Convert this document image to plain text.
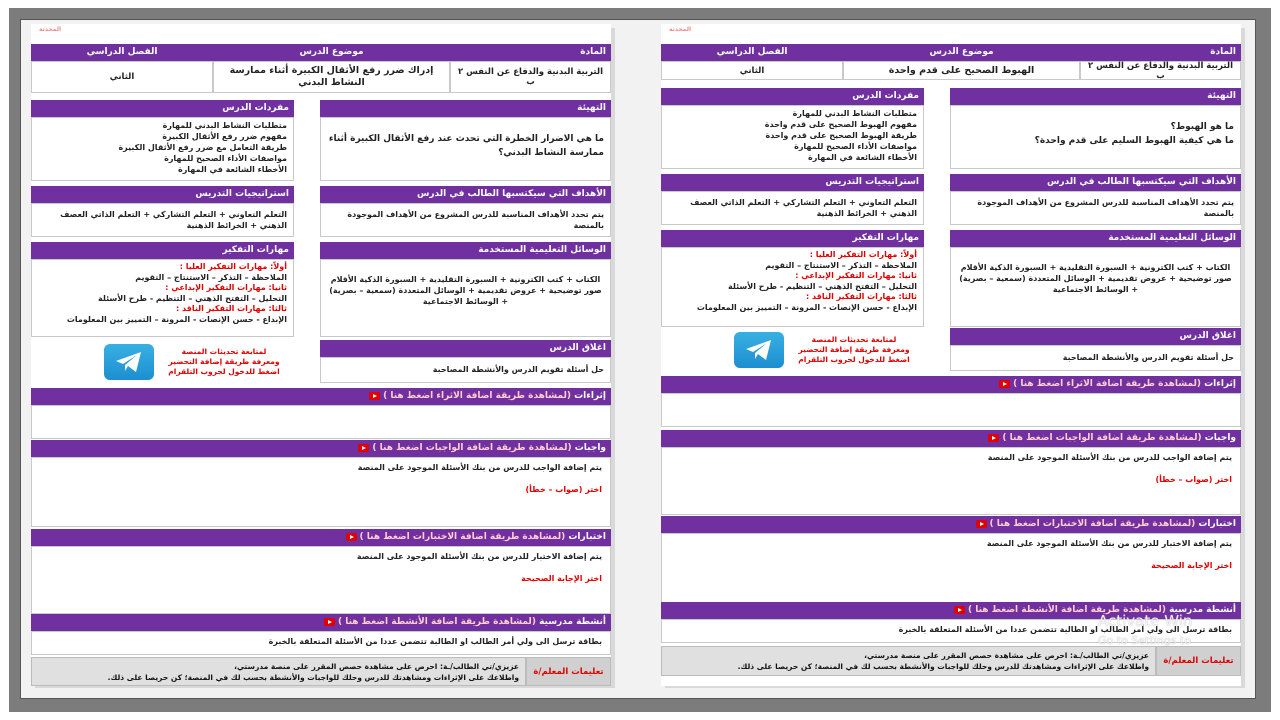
المحدثة
المادة
التربية البدنية والدفاع عن النفس ٢ ب
موضوع الدرس
الهبوط الصحيح على قدم واحدة
الفصل الدراسي
الثاني
التهيئة
ما هو الهبوط؟
ما هي كيفية الهبوط السليم على قدم واحدة؟
مفردات الدرس
متطلبات النشاط البدني للمهارة
مفهوم الهبوط الصحيح على قدم واحدة
طريقة الهبوط الصحيح على قدم واحدة
مواصفات الأداء الصحيح للمهارة
الأخطاء الشائعة في المهارة
الأهداف التي سيكتسبها الطالب في الدرس
يتم تحدد الأهداف المناسبة للدرس المشروع من الأهداف الموجودة بالمنصة
استراتيجيات التدريس
التعلم التعاوني + التعلم التشاركي + التعلم الذاتي العصف الذهني + الخرائط الذهنية
الوسائل التعليمية المستخدمة
الكتاب + كتب الكترونية + السبورة التقليدية + السبورة الذكية الأقلام صور توضيحية + عروض تقديمية + الوسائل المتعددة (سمعية – بصرية) + الوسائط الاجتماعية
مهارات التفكير
أولاً: مهارات التفكير العليا :
الملاحظة – التذكر – الاستنتاج – التقويم
ثانيا: مهارات التفكير الإبداعي :
التحليل – التفتح الذهني – التنظيم - طرح الأسئلة
ثالثا: مهارات التفكير الناقد :
الإبداع - حسن الإنصات - المرونة – التمييز بين المعلومات
اغلاق الدرس
حل أسئلة تقويم الدرس والأنشطة المصاحبة
لمتابعة تحديثات المنصة
ومعرفة طريقة إضافة التحضير
اضغط للدخول لجروب التلقرام
إثراءات (لمشاهدة طريقة اضافة الاثراء اضغط هنا )
واجبات (لمشاهدة طريقة اضافة الواجبات اضغط هنا )
يتم إضافة الواجب للدرس من بنك الأسئلة الموجود على المنصة
اختر (صواب – خطأ)
اختبارات (لمشاهدة طريقة اضافة الاختبارات اضغط هنا )
يتم إضافة الاختبار للدرس من بنك الأسئلة الموجود على المنصة
اختر الإجابة الصحيحة
أنشطة مدرسية (لمشاهدة طريقة اضافة الأنشطة اضغط هنا )
بطاقة ترسل الى ولي أمر الطالب او الطالبة تتضمن عددا من الأسئلة المتعلقة بالخبرة
تعليمات المعلم/ة
عزيزي/تي الطالب/ـة: احرص على مشاهدة حصص المقرر على منصة مدرستي،
واطلاعك على الإثراءات ومشاهدتك للدرس وحلك للواجبات والأنشطة بحسب لك في المنصة؛ كن حريصا على ذلك.
المحدثة
المادة
التربية البدنية والدفاع عن النفس ٢ ب
موضوع الدرس
إدراك ضرر رفع الأثقال الكبيرة أثناء ممارسة النشاط البدني
الفصل الدراسي
الثاني
التهيئة
ما هي الاضرار الخطرة التي تحدث عند رفع الأثقال الكبيرة أثناء ممارسة النشاط البدني؟
مفردات الدرس
متطلبات النشاط البدني للمهارة
مفهوم ضرر رفع الأثقال الكبيرة
طريقة التعامل مع ضرر رفع الأثقال الكبيرة
مواصفات الأداء الصحيح للمهارة
الأخطاء الشائعة في المهارة
الأهداف التي سيكتسبها الطالب في الدرس
يتم تحدد الأهداف المناسبة للدرس المشروع من الأهداف الموجودة بالمنصة
استراتيجيات التدريس
التعلم التعاوني + التعلم التشاركي + التعلم الذاتي العصف الذهني + الخرائط الذهنية
الوسائل التعليمية المستخدمة
الكتاب + كتب الكترونية + السبورة التقليدية + السبورة الذكية الأقلام صور توضيحية + عروض تقديمية + الوسائل المتعددة (سمعية – بصرية) + الوسائط الاجتماعية
مهارات التفكير
أولاً: مهارات التفكير العليا :
الملاحظة – التذكر – الاستنتاج – التقويم
ثانيا: مهارات التفكير الإبداعي :
التحليل – التفتح الذهني – التنظيم - طرح الأسئلة
ثالثا: مهارات التفكير الناقد :
الإبداع - حسن الإنصات - المرونة – التمييز بين المعلومات
اغلاق الدرس
حل أسئلة تقويم الدرس والأنشطة المصاحبة
لمتابعة تحديثات المنصة
ومعرفة طريقة إضافة التحضير
اضغط للدخول لجروب التلقرام
إثراءات (لمشاهدة طريقة اضافة الاثراء اضغط هنا )
واجبات (لمشاهدة طريقة اضافة الواجبات اضغط هنا )
يتم إضافة الواجب للدرس من بنك الأسئلة الموجود على المنصة
اختر (صواب – خطأ)
اختبارات (لمشاهدة طريقة اضافة الاختبارات اضغط هنا )
يتم إضافة الاختبار للدرس من بنك الأسئلة الموجود على المنصة
اختر الإجابة الصحيحة
أنشطة مدرسية (لمشاهدة طريقة اضافة الأنشطة اضغط هنا )
بطاقة ترسل الى ولي أمر الطالب او الطالبة تتضمن عددا من الأسئلة المتعلقة بالخبرة
تعليمات المعلم/ة
عزيزي/تي الطالب/ـة: احرص على مشاهدة حصص المقرر على منصة مدرستي،
واطلاعك على الإثراءات ومشاهدتك للدرس وحلك للواجبات والأنشطة بحسب لك في المنصة؛ كن حريصا على ذلك.
Activate Win
Go to Settings to
